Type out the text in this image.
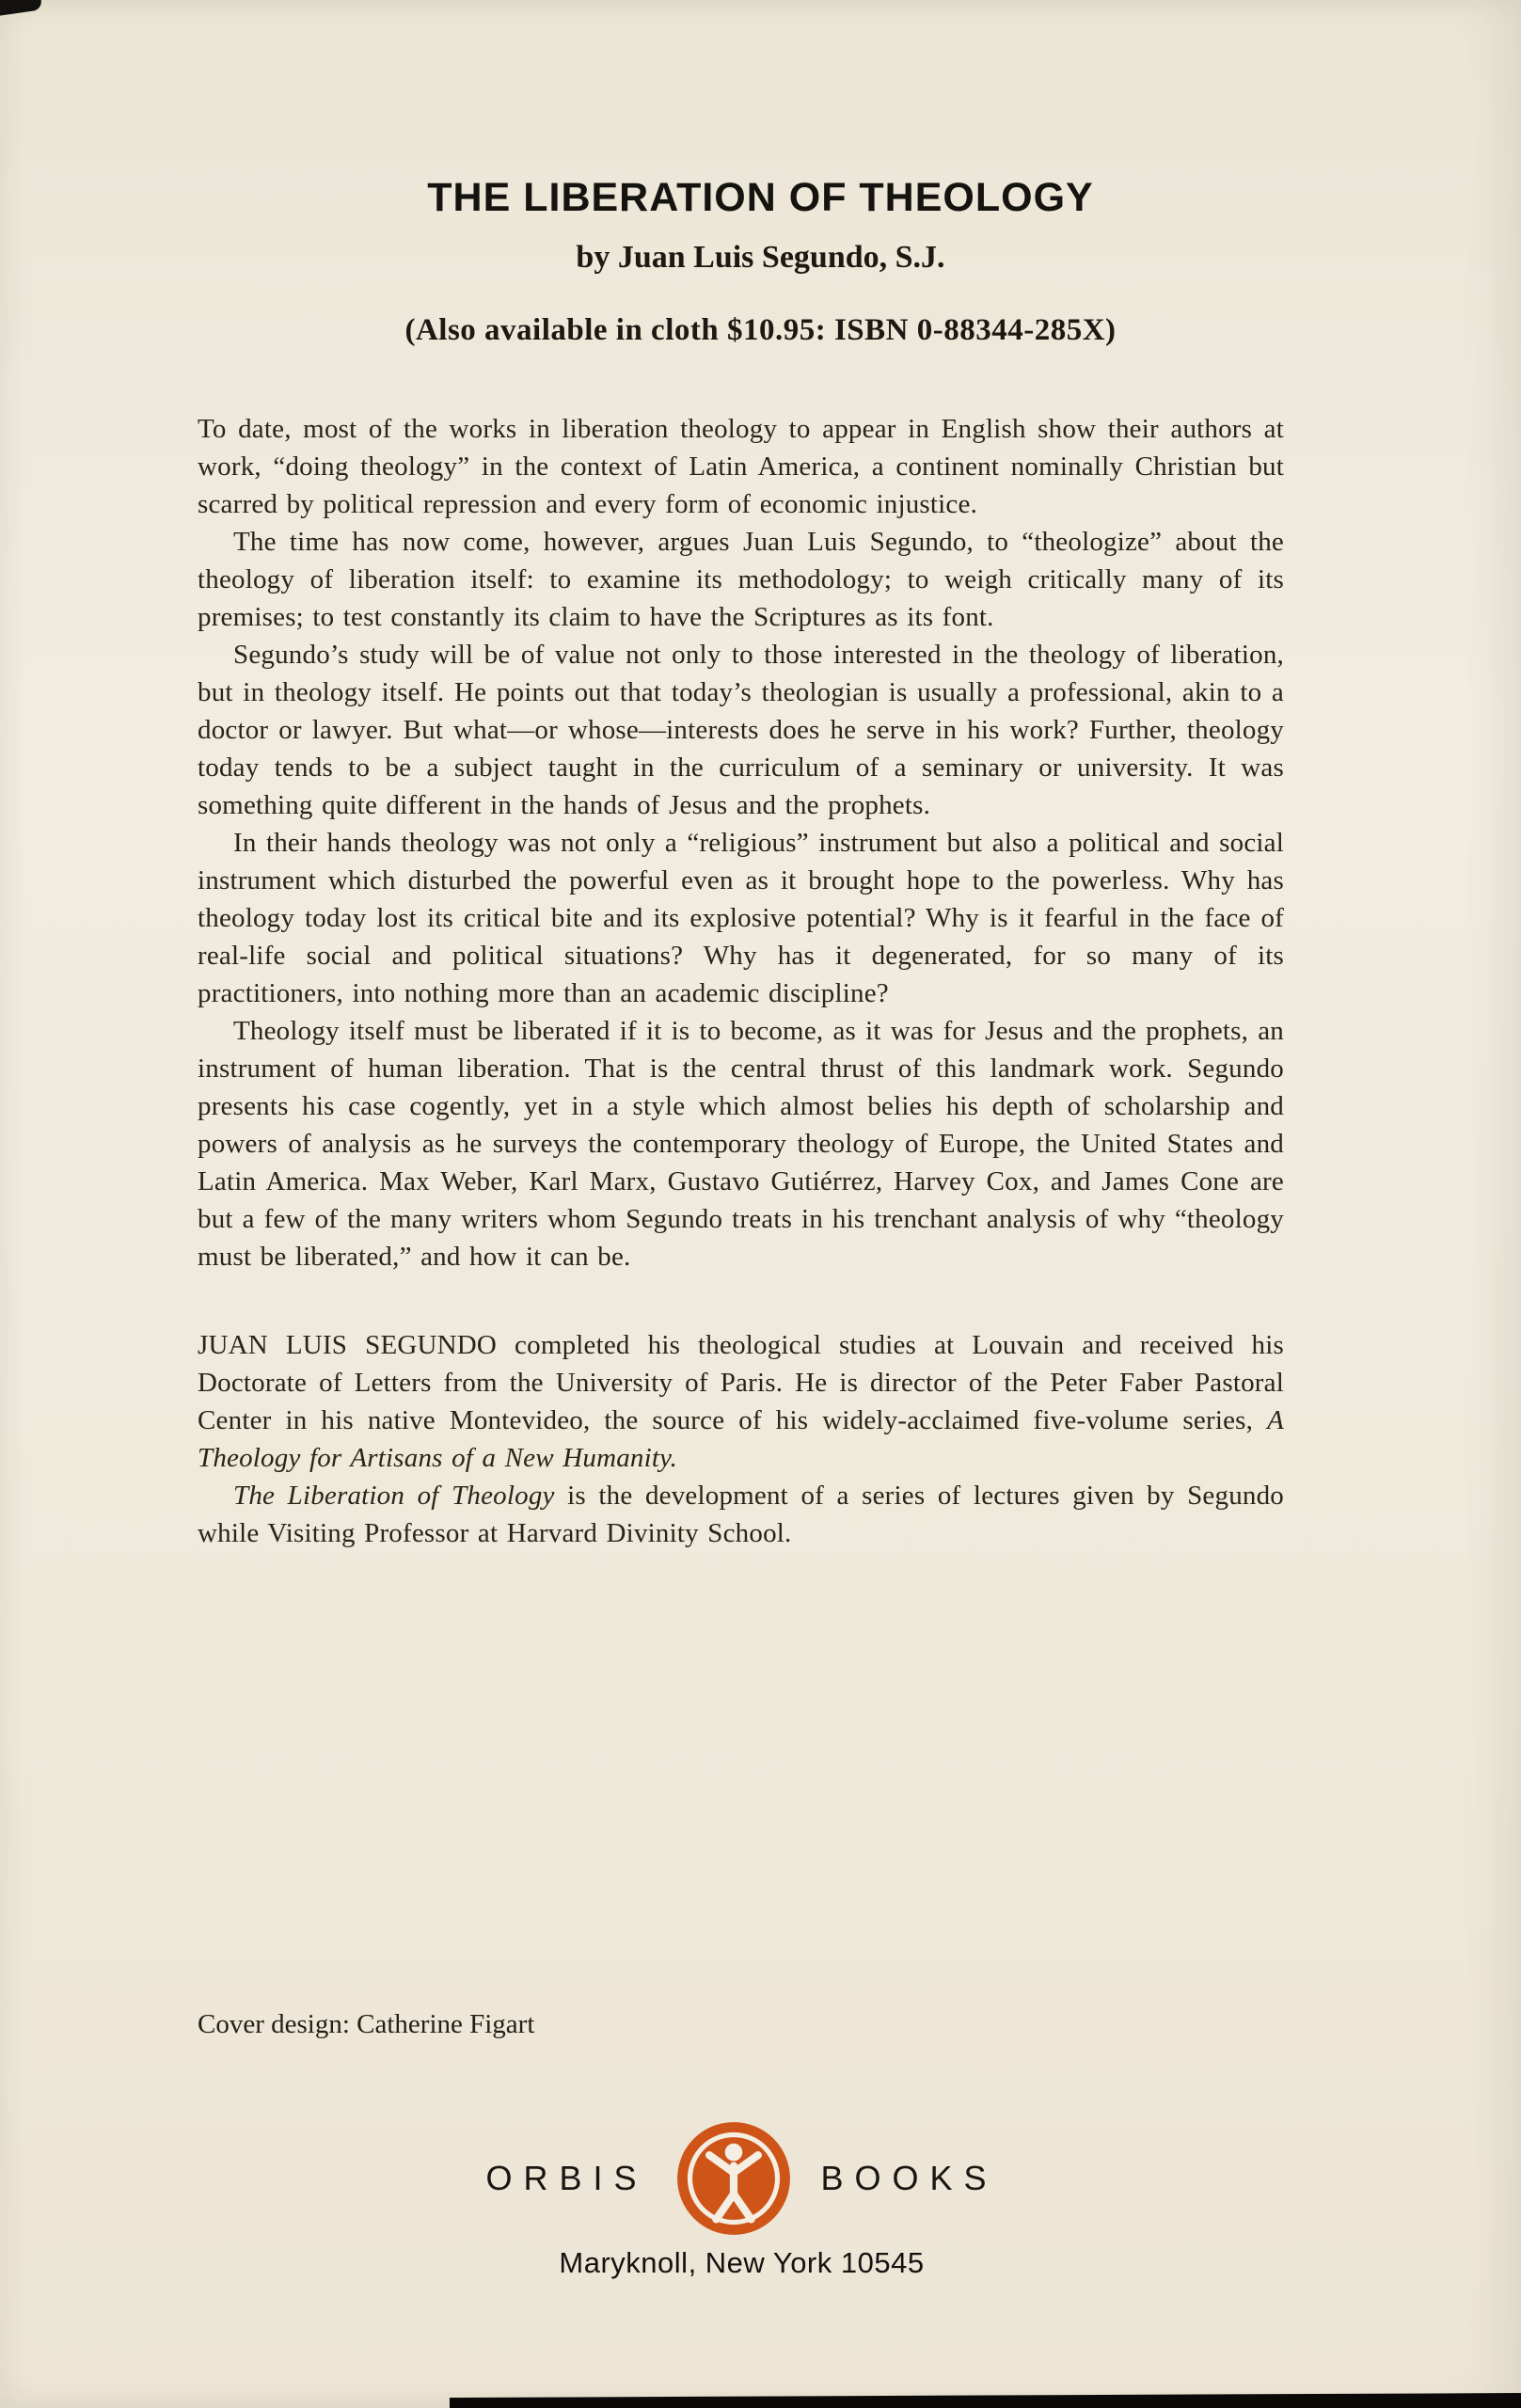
THE LIBERATION OF THEOLOGY
by Juan Luis Segundo, S.J.
(Also available in cloth $10.95: ISBN 0-88344-285X)

To date, most of the works in liberation theology to appear in English show their authors at work, “doing theology” in the context of Latin America, a continent nominally Christian but scarred by political repression and every form of economic injustice.

The time has now come, however, argues Juan Luis Segundo, to “theologize” about the theology of liberation itself: to examine its methodology; to weigh critically many of its premises; to test constantly its claim to have the Scriptures as its font.

Segundo’s study will be of value not only to those interested in the theology of liberation, but in theology itself. He points out that today’s theologian is usually a professional, akin to a doctor or lawyer. But what—or whose—interests does he serve in his work? Further, theology today tends to be a subject taught in the curriculum of a seminary or university. It was something quite different in the hands of Jesus and the prophets.

In their hands theology was not only a “religious” instrument but also a political and social instrument which disturbed the powerful even as it brought hope to the powerless. Why has theology today lost its critical bite and its explosive potential? Why is it fearful in the face of real-life social and political situations? Why has it degenerated, for so many of its practitioners, into nothing more than an academic discipline?

Theology itself must be liberated if it is to become, as it was for Jesus and the prophets, an instrument of human liberation. That is the central thrust of this landmark work. Segundo presents his case cogently, yet in a style which almost belies his depth of scholarship and powers of analysis as he surveys the contemporary theology of Europe, the United States and Latin America. Max Weber, Karl Marx, Gustavo Gutiérrez, Harvey Cox, and James Cone are but a few of the many writers whom Segundo treats in his trenchant analysis of why “theology must be liberated,” and how it can be.

JUAN LUIS SEGUNDO completed his theological studies at Louvain and received his Doctorate of Letters from the University of Paris. He is director of the Peter Faber Pastoral Center in his native Montevideo, the source of his widely-acclaimed five-volume series, A Theology for Artisans of a New Humanity.

The Liberation of Theology is the development of a series of lectures given by Segundo while Visiting Professor at Harvard Divinity School.

Cover design: Catherine Figart

ORBIS	BOOKS
Maryknoll, New York 10545
